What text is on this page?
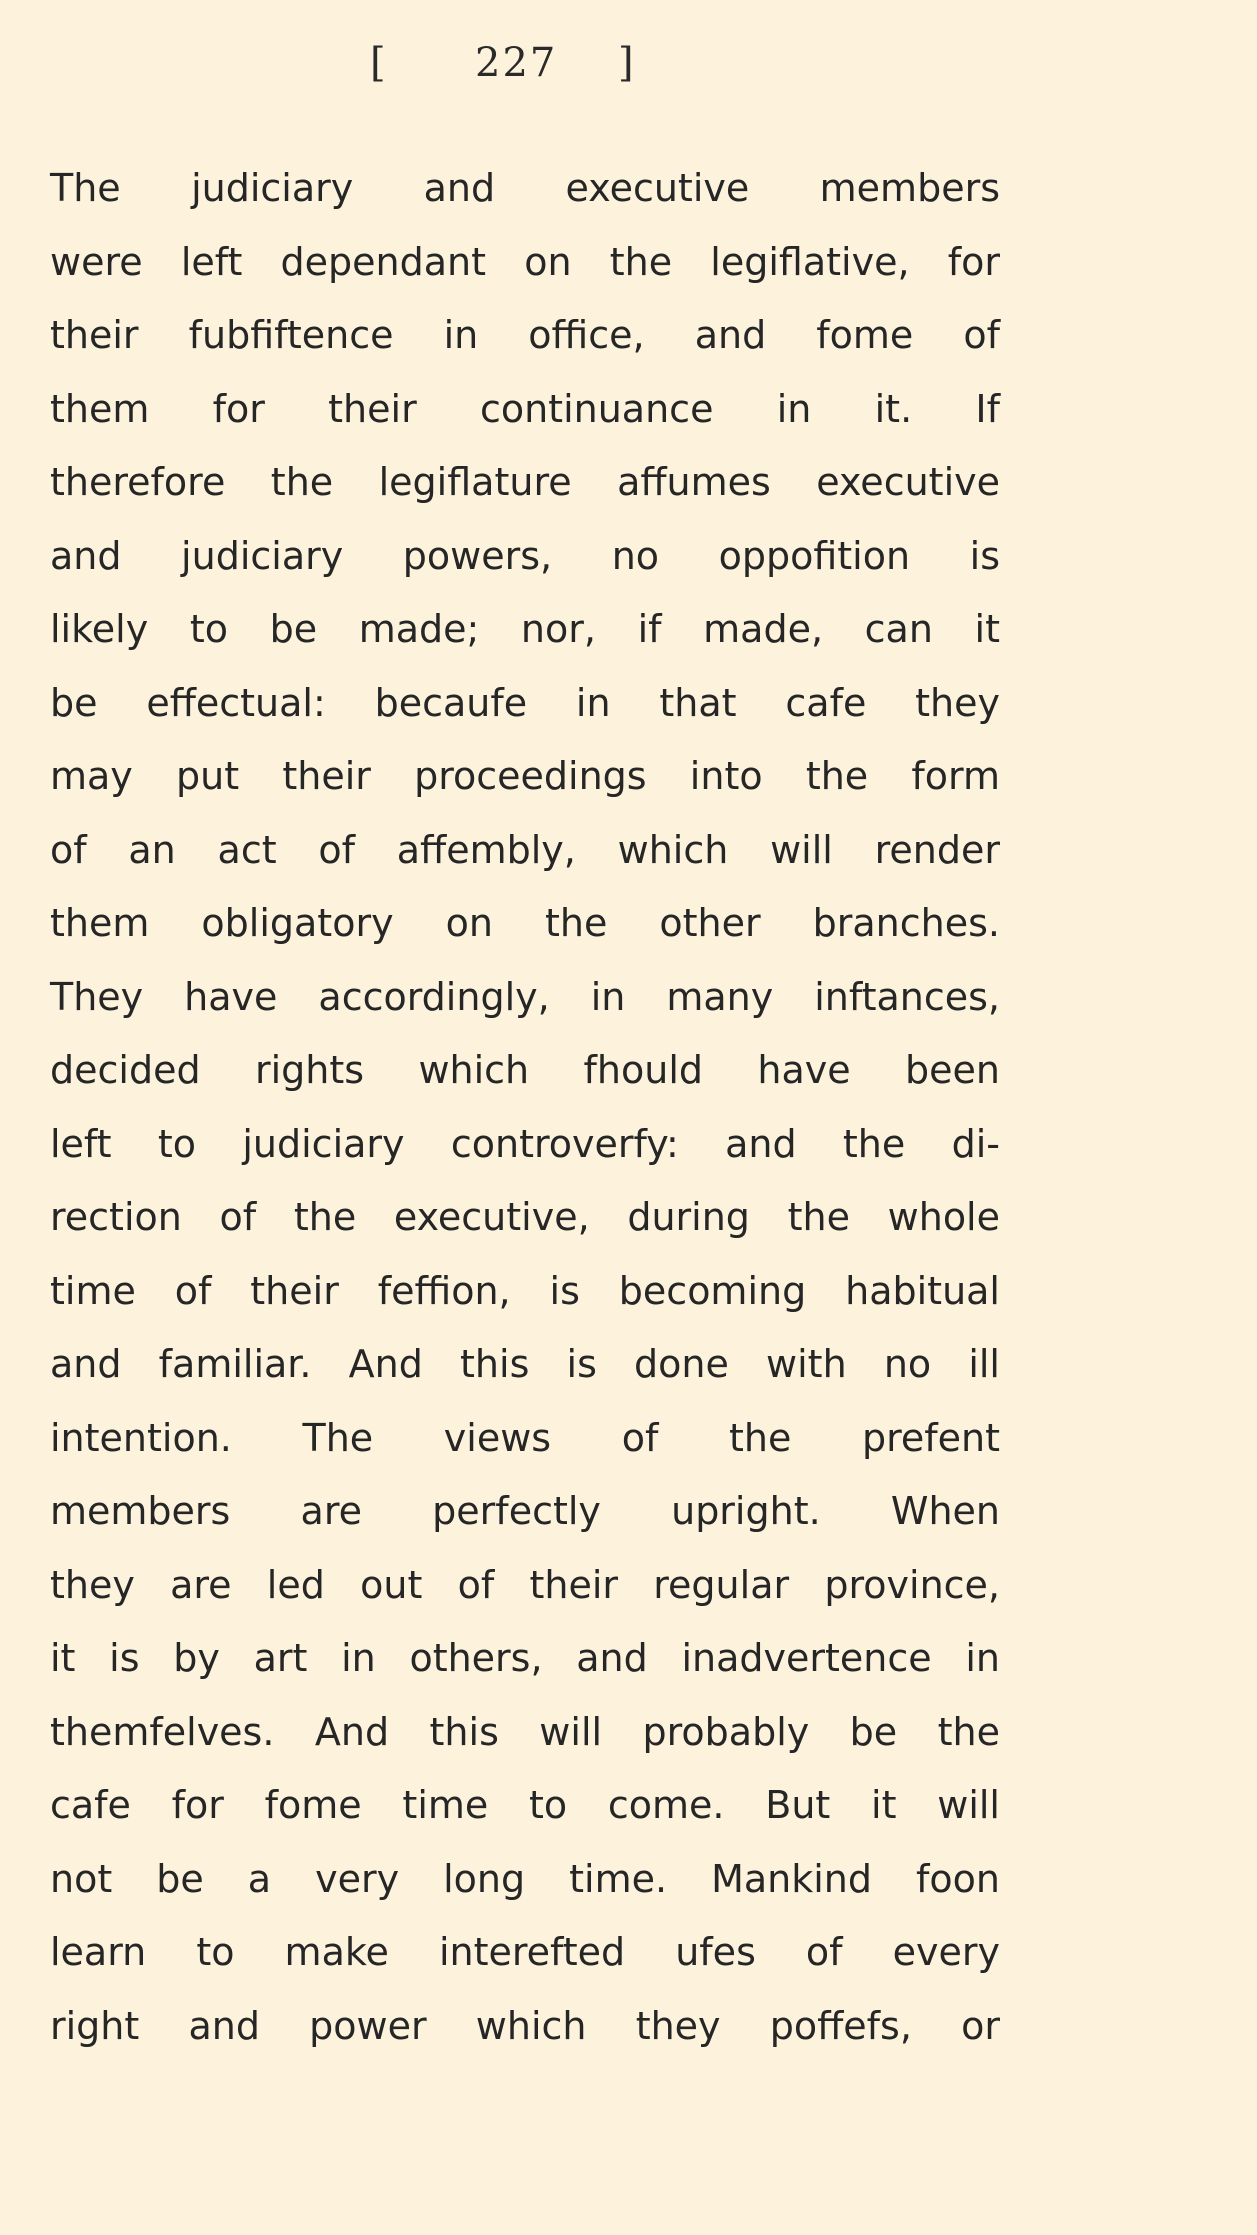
[ 227 ]
The judiciary and executive members
were left dependant on the legiflative, for
their fubfiftence in office, and fome of
them for their continuance in it. If
therefore the legiflature affumes executive
and judiciary powers, no oppofition is
likely to be made; nor, if made, can it
be effectual: becaufe in that cafe they
may put their proceedings into the form
of an act of affembly, which will render
them obligatory on the other branches.
They have accordingly, in many inftances,
decided rights which fhould have been
left to judiciary controverfy: and the di-
rection of the executive, during the whole
time of their feffion, is becoming habitual
and familiar. And this is done with no ill
intention. The views of the prefent
members are perfectly upright. When
they are led out of their regular province,
it is by art in others, and inadvertence in
themfelves. And this will probably be the
cafe for fome time to come. But it will
not be a very long time. Mankind foon
learn to make interefted ufes of every
right and power which they poffefs, or
